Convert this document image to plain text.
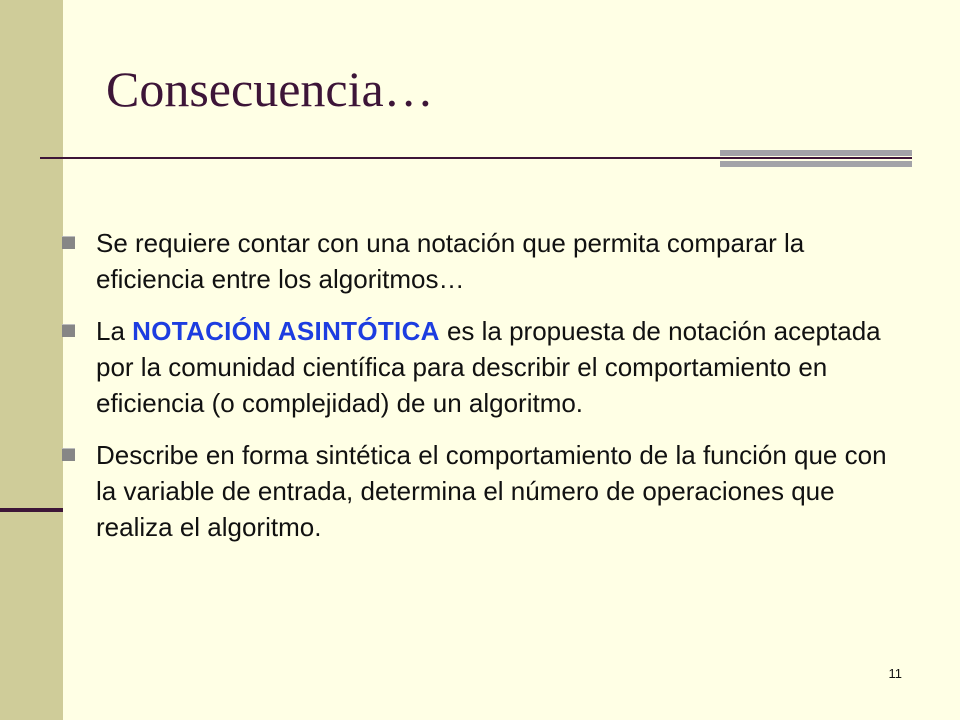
Consecuencia…
Se requiere contar con una notación que permita comparar la eficiencia entre los algoritmos…
La NOTACIÓN ASINTÓTICA es la propuesta de notación aceptada por la comunidad científica para describir el comportamiento en eficiencia (o complejidad) de un algoritmo.
Describe en forma sintética el comportamiento de la función que con la variable de entrada, determina el número de operaciones que realiza el algoritmo.
11
